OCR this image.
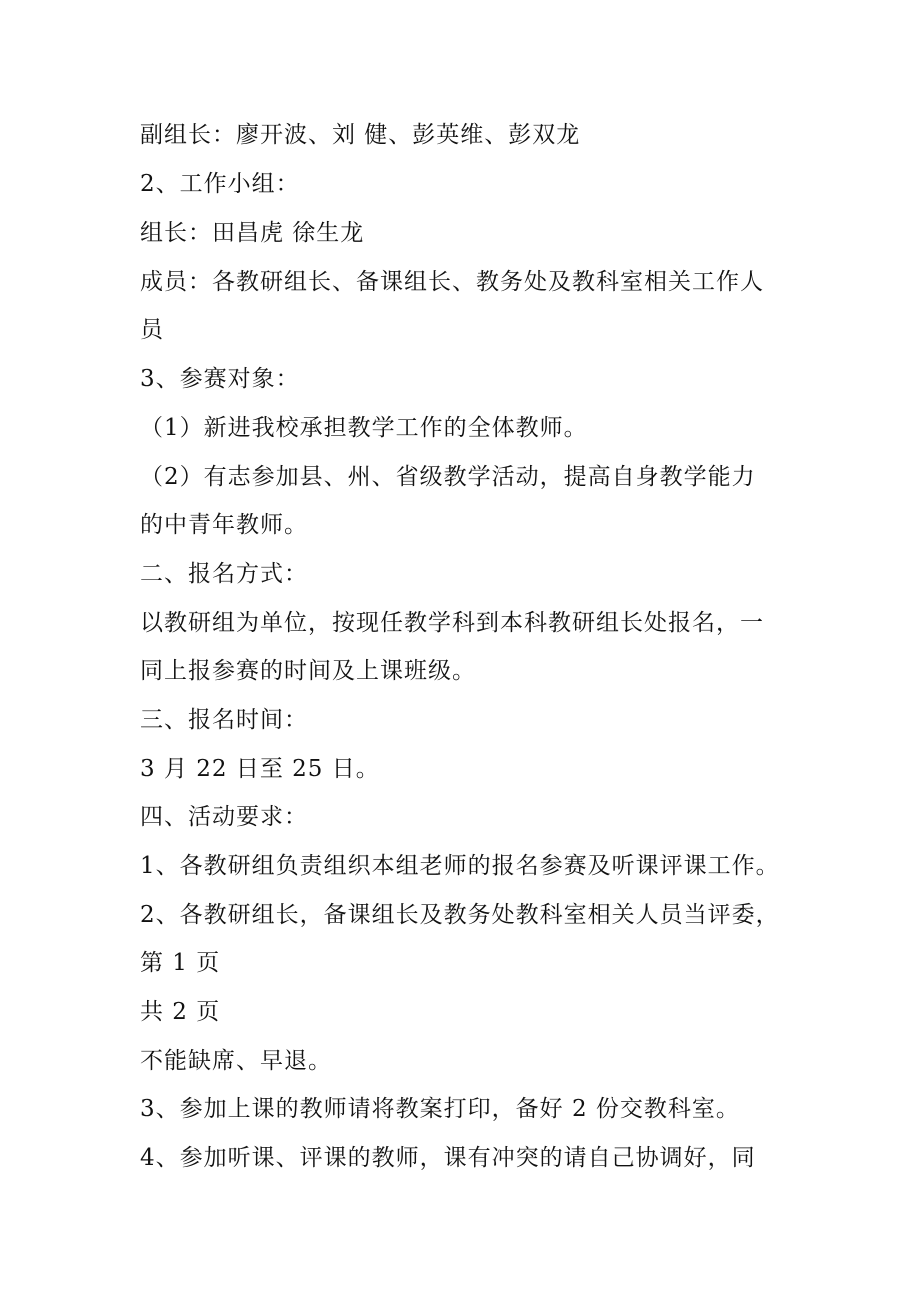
副组长：廖开波、刘 健、彭英维、彭双龙
2、工作小组：
组长：田昌虎 徐生龙
成员：各教研组长、备课组长、教务处及教科室相关工作人
员
3、参赛对象：
（1）新进我校承担教学工作的全体教师。
（2）有志参加县、州、省级教学活动，提高自身教学能力
的中青年教师。
二、报名方式：
以教研组为单位，按现任教学科到本科教研组长处报名，一
同上报参赛的时间及上课班级。
三、报名时间：
3 月 22 日至 25 日。
四、活动要求：
1、各教研组负责组织本组老师的报名参赛及听课评课工作。
2、各教研组长，备课组长及教务处教科室相关人员当评委，
第 1 页
共 2 页
不能缺席、早退。
3、参加上课的教师请将教案打印，备好 2 份交教科室。
4、参加听课、评课的教师，课有冲突的请自己协调好，同
